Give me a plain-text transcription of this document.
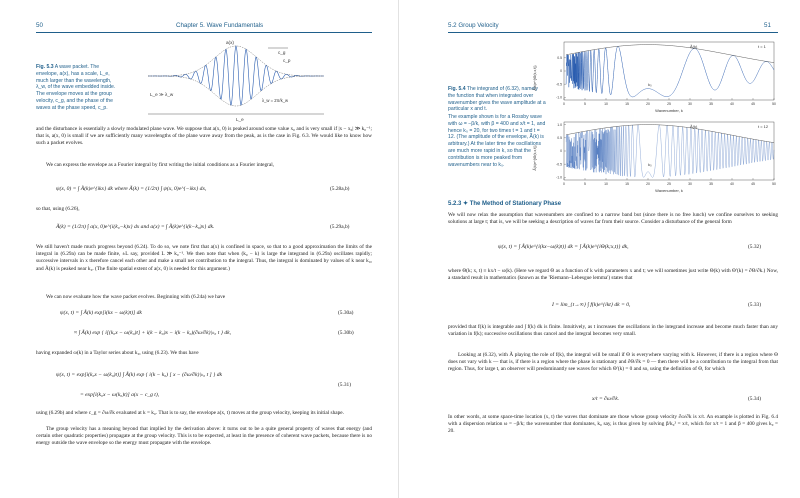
50	Chapter 5. Wave Fundamentals
Fig. 5.3 A wave packet. The envelope, a(x), has a scale, L_e, much larger than the wavelength, λ_w, of the wave embedded inside. The envelope moves at the group velocity, c_g, and the phase of the waves at the phase speed, c_p.
a(x)
c_g
c_p
L_e ≫ λ_w
λ_w = 2π/k_w
L_e
and the disturbance is essentially a slowly modulated plane wave. We suppose that a(x, 0) is peaked around some value x₀ and is very small if |x − x₀| ≫ k₀⁻¹; that is, a(x, 0) is small if we are sufficiently many wavelengths of the plane wave away from the peak, as is the case in Fig. 6.3. We would like to know how such a packet evolves.
We can express the envelope as a Fourier integral by first writing the initial conditions as a Fourier integral,
ψ(x, 0) = ∫ Ã(k)e^{ikx} dk where Ã(k) = (1/2π) ∫ ψ(x, 0)e^{−ikx} dx,	(5.28a,b)
so that, using (6.26),
Ã(k) = (1/2π) ∫ a(x, 0)e^{i(k₀−k)x} dx and a(x) = ∫ Ã(k)e^{i(k−k₀)x} dk.	(5.29a,b)
We still haven't made much progress beyond (6.24). To do so, we note first that a(x) is confined in space, so that to a good approximation the limits of the integral in (6.29a) can be made finite, ±L say, provided L ≫ k₀⁻¹. We then note that when (k₀ − k) is large the integrand in (6.29a) oscillates rapidly; successive intervals in x therefore cancel each other and make a small net contribution to the integral. Thus, the integral is dominated by values of k near k₀, and Ã(k) is peaked near k₀. (The finite spatial extent of a(x, 0) is needed for this argument.)
We can now evaluate how the wave packet evolves. Beginning with (6.24a) we have
ψ(x, t) = ∫ Ã(k) exp[i(kx − ω(k)t)] dk	(5.30a)
≈ ∫ Ã(k) exp { i[(k₀x − ω(k₀)t] + i(k − k₀)x − i(k − k₀)(∂ω/∂k)|ₖ₀ t } dk,	(5.30b)
having expanded ω(k) in a Taylor series about k₀, using (6.23). We thus have
ψ(x, t) = exp[i(k₀x − ω(k₀)t)] ∫ Ã(k) exp { i(k − k₀) [ x − (∂ω/∂k)|ₖ₀ t ] } dk
= exp[i(k₀x − ω(k₀)t)] a(x − c_g t),
(5.31)
using (6.29b) and where c_g = ∂ω/∂k evaluated at k = k₀. That is to say, the envelope a(x, t) moves at the group velocity, keeping its initial shape.
The group velocity has a meaning beyond that implied by the derivation above: it turns out to be a quite general property of waves that energy (and certain other quadratic properties) propagate at the group velocity. This is to be expected, at least in the presence of coherent wave packets, because there is no energy outside the wave envelope so the energy must propagate with the envelope.
5.2 Group Velocity	51
Fig. 5.4 The integrand of (6.32), namely the function that when integrated over wavenumber gives the wave amplitude at a particular x and t.
The example shown is for a Rossby wave with ω = −β/k, with β = 400 and x/t = 1, and hence k₀ = 20, for two times t = 1 and t = 12. (The amplitude of the envelope, Ã(k) is arbitrary.) At the later time the oscillations are much more rapid in k, so that the contribution is more peaked from wavenumbers near to k₀.
Ã(k)e^{iΘ(k,x,t)}
0.5
0
-0.5
-1.0
0	5	10	15	20	25	30	35	40	45	50
Ã(k)	t = 1
k₀
Wavenumber, k
Ã(k)e^{iΘ(k,x,t)}
1.0
0.5
0
-0.5
-1.0
0	5	10	15	20	25	30	35	40	45	50
Ã(k)	t = 12
k₀
Wavenumber, k
5.2.3 ✦ The Method of Stationary Phase
We will now relax the assumption that wavenumbers are confined to a narrow band but (since there is no free lunch) we confine ourselves to seeking solutions at large t; that is, we will be seeking a description of waves far from their source. Consider a disturbance of the general form
ψ(x, t) = ∫ Ã(k)e^{i(kx−ω(k)t)} dk = ∫ Ã(k)e^{iΘ(k;x,t)} dk,	(5.32)
where Θ(k; x, t) ≡ kx/t − ω(k). (Here we regard Θ as a function of k with parameters x and t; we will sometimes just write Θ(k) with Θ′(k) = ∂Θ/∂k.) Now, a standard result in mathematics (known as the 'Riemann–Lebesgue lemma') states that
I = lim_{t→∞} ∫ f(k)e^{ikt} dk = 0,	(5.33)
provided that f(k) is integrable and ∫ f(k) dk is finite. Intuitively, as t increases the oscillations in the integrand increase and become much faster than any variation in f(k); successive oscillations thus cancel and the integral becomes very small.
Looking at (6.32), with Ã playing the role of f(k), the integral will be small if Θ is everywhere varying with k. However, if there is a region where Θ does not vary with k — that is, if there is a region where the phase is stationary and ∂Θ/∂k = 0 — then there will be a contribution to the integral from that region. Thus, for large t, an observer will predominantly see waves for which Θ′(k) = 0 and so, using the definition of Θ, for which
x/t = ∂ω/∂k.	(5.34)
In other words, at some space-time location (x, t) the waves that dominate are those whose group velocity ∂ω/∂k is x/t. An example is plotted in Fig. 6.4 with a dispersion relation ω = −β/k; the wavenumber that dominates, k₀ say, is thus given by solving β/k₀² = x/t, which for x/t = 1 and β = 400 gives k₀ = 20.
